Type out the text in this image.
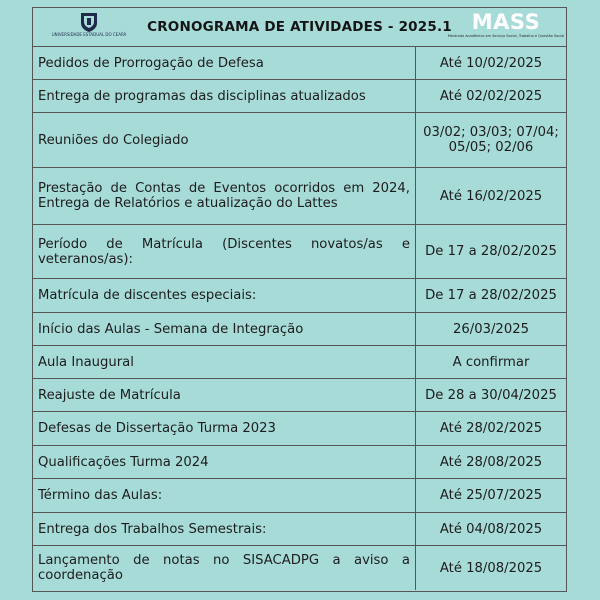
UNIVERSIDADE ESTADUAL DO CEARÁ CRONOGRAMA DE ATIVIDADES - 2025.1 MASS
Mestrado Acadêmico em Serviço Social, Trabalho e Questão Social
Pedidos de Prorrogação de Defesa	Até 10/02/2025
Entrega de programas das disciplinas atualizados	Até 02/02/2025
Reuniões do Colegiado	03/02; 03/03; 07/04; 05/05; 02/06
Prestação de Contas de Eventos ocorridos em 2024, Entrega de Relatórios e atualização do Lattes	Até 16/02/2025
Período de Matrícula (Discentes novatos/as e veteranos/as):	De 17 a 28/02/2025
Matrícula de discentes especiais:	De 17 a 28/02/2025
Início das Aulas - Semana de Integração	26/03/2025
Aula Inaugural	A confirmar
Reajuste de Matrícula	De 28 a 30/04/2025
Defesas de Dissertação Turma 2023	Até 28/02/2025
Qualificações Turma 2024	Até 28/08/2025
Término das Aulas:	Até 25/07/2025
Entrega dos Trabalhos Semestrais:	Até 04/08/2025
Lançamento de notas no SISACADPG a aviso a coordenação	Até 18/08/2025
